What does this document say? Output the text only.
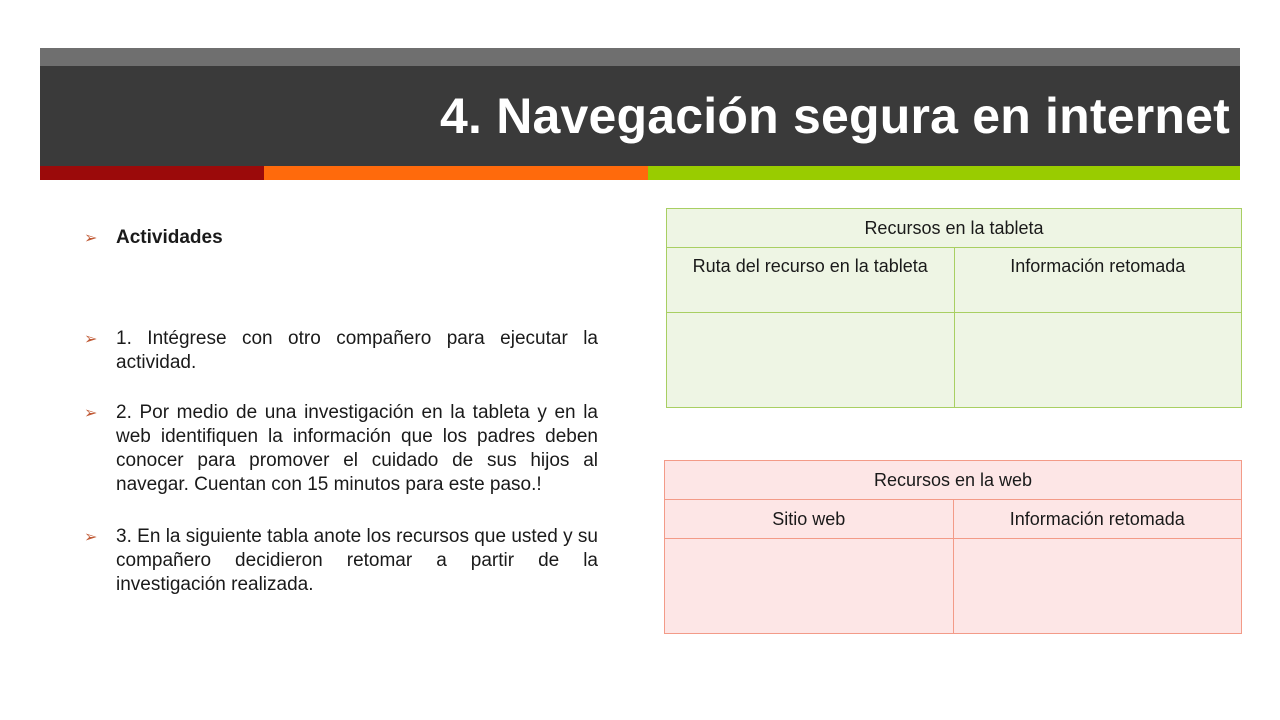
4. Navegación segura en internet
➢ Actividades
➢ 1. Intégrese con otro compañero para ejecutar la actividad.
➢ 2. Por medio de una investigación en la tableta y en la web identifiquen la información que los padres deben conocer para promover el cuidado de sus hijos al navegar. Cuentan con 15 minutos para este paso.!
➢ 3. En la siguiente tabla anote los recursos que usted y su compañero decidieron retomar a partir de la investigación realizada.
Recursos en la tableta	
Ruta del recurso en la tableta	Información retomada

Recursos en la web	
Sitio web	Información retomada
